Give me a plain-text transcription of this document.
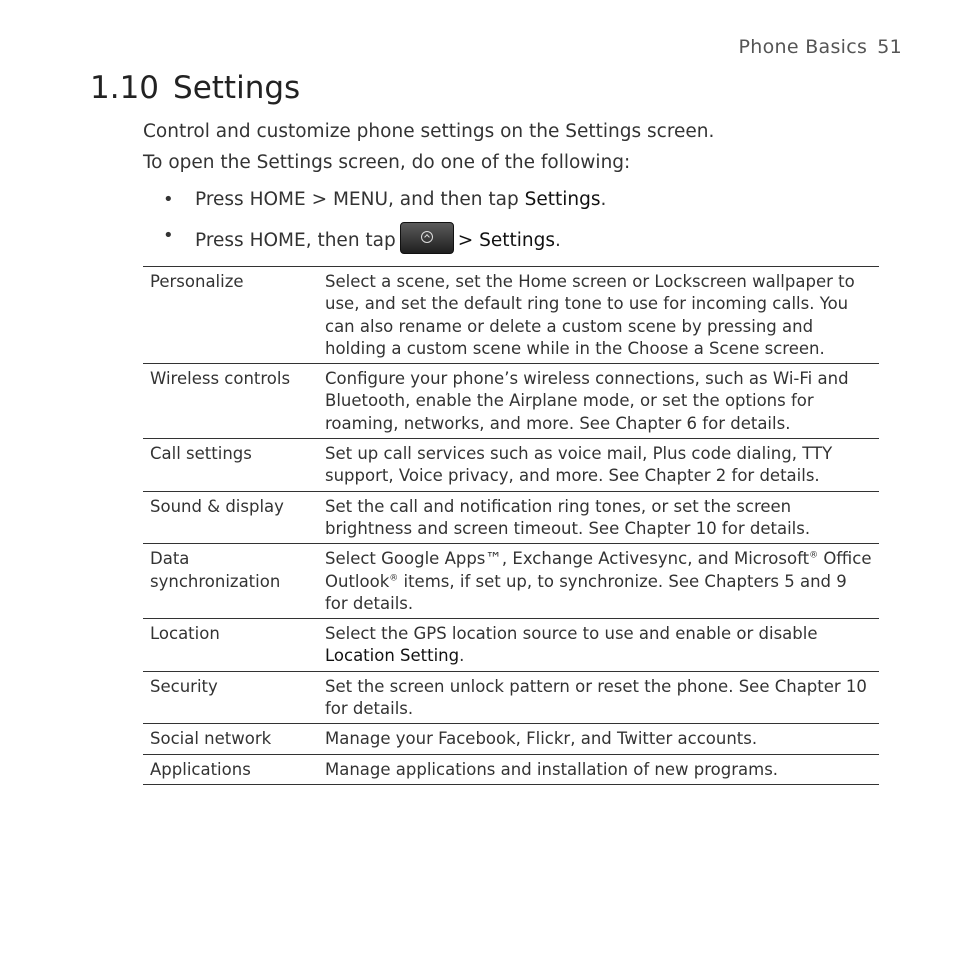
Phone Basics 51
1.10 Settings

Control and customize phone settings on the Settings screen.

To open the Settings screen, do one of the following:

• Press HOME > MENU, and then tap Settings.
• Press HOME, then tap	> Settings.
Personalize	Select a scene, set the Home screen or Lockscreen wallpaper to use, and set the default ring tone to use for incoming calls. You can also rename or delete a custom scene by pressing and holding a custom scene while in the Choose a Scene screen.
Wireless controls	Configure your phone’s wireless connections, such as Wi-Fi and Bluetooth, enable the Airplane mode, or set the options for roaming, networks, and more. See Chapter 6 for details.
Call settings	Set up call services such as voice mail, Plus code dialing, TTY support, Voice privacy, and more. See Chapter 2 for details.
Sound & display	Set the call and notification ring tones, or set the screen brightness and screen timeout. See Chapter 10 for details.
Data synchronization	Select Google Apps™, Exchange Activesync, and Microsoft® Office Outlook® items, if set up, to synchronize. See Chapters 5 and 9 for details.
Location	Select the GPS location source to use and enable or disable Location Setting.
Security	Set the screen unlock pattern or reset the phone. See Chapter 10 for details.
Social network	Manage your Facebook, Flickr, and Twitter accounts.
Applications	Manage applications and installation of new programs.
